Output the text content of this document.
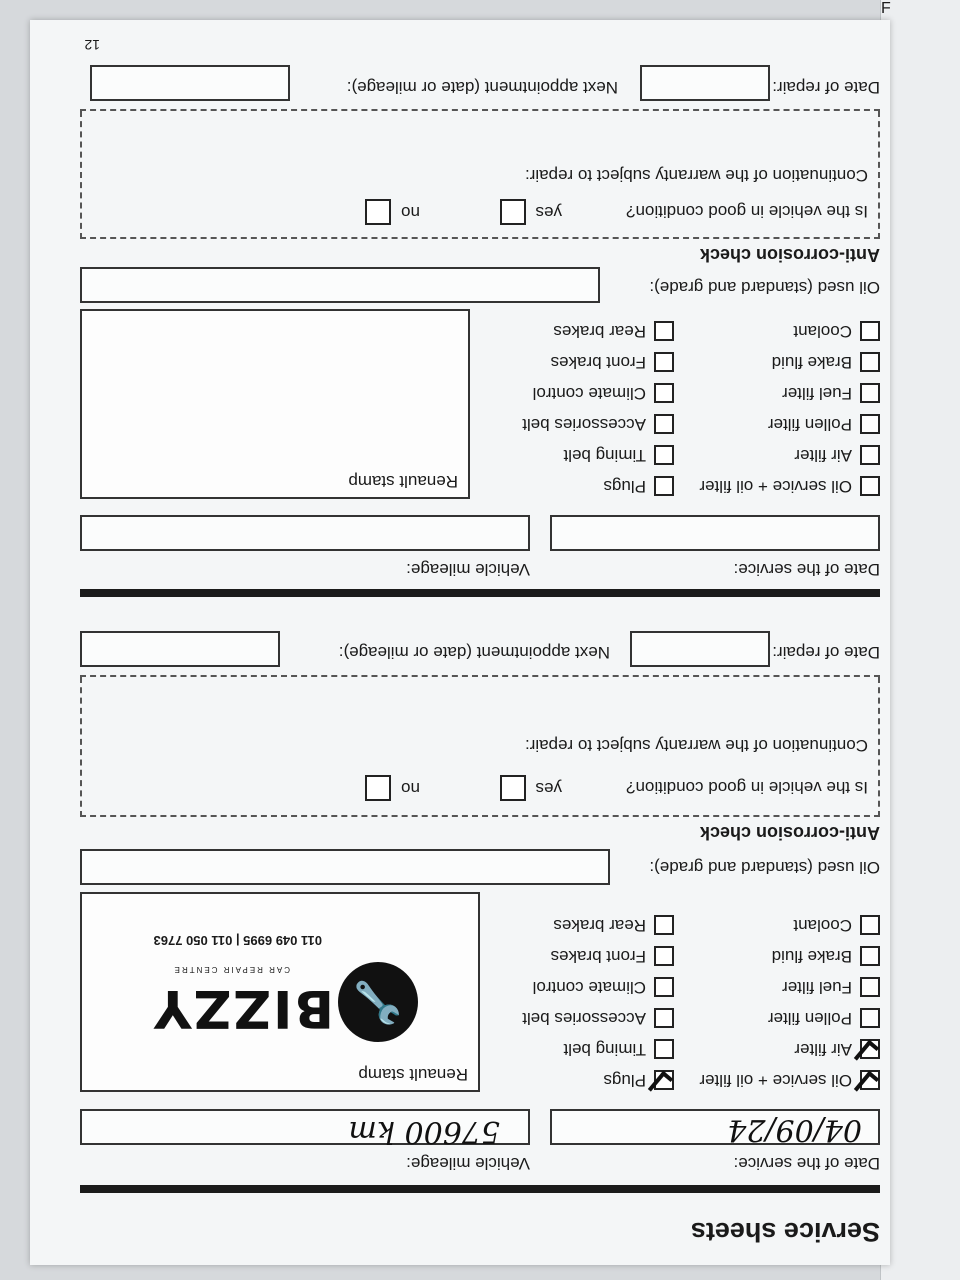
F
Service sheets
Date of the service:
Vehicle mileage:
04/09/24
57600 km
Oil service + oil filter
Air filter
Pollen filter
Fuel filter
Brake fluid
Coolant
Plugs
Timing belt
Accessories belt
Climate control
Front brakes
Rear brakes
Renault stamp
🔧
BIZZY
CAR REPAIR CENTRE
011 049 6995 | 011 050 7763
Oil used (standard and grade):
Anti-corrosion check
Is the vehicle in good condition?
yes
no
Continuation of the warranty subject to repair:
Date of repair:
Next appointment (date or mileage):
Date of the service:
Vehicle mileage:
Oil service + oil filter
Air filter
Pollen filter
Fuel filter
Brake fluid
Coolant
Plugs
Timing belt
Accessories belt
Climate control
Front brakes
Rear brakes
Renault stamp
Oil used (standard and grade):
Anti-corrosion check
Is the vehicle in good condition?
yes
no
Continuation of the warranty subject to repair:
Date of repair:
Next appointment (date or mileage):
12
